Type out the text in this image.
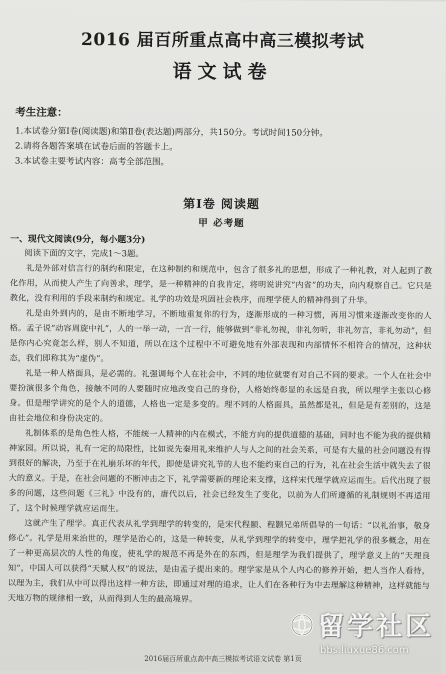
2016 届百所重点高中高三模拟考试
语文试卷
考生注意：
1.本试卷分第Ⅰ卷(阅读题)和第Ⅱ卷(表达题)两部分，共150分。考试时间150分钟。
2.请将各题答案填在试卷后面的答题卡上。
3.本试卷主要考试内容：高考全部范围。
第Ⅰ卷 阅读题
甲 必考题
一、现代文阅读(9分，每小题3分)
阅读下面的文字，完成1～3题。

礼是外部对信言行的制约和限定，在这种制约和规范中，包含了很多礼的思想，形成了一种礼教，对人起到了教化作用，从而使人产生了向善求，理学，是一种精神的自我肯定，将明说讲究“内省”的功夫，向内观察自己。它只是教化，没有利用的手段来制约和规定。礼学的功效是巩固社会秩序，而理学使人的精神得到了升华。

礼是由外到内的，是由不断地学习，不断地重复你的行为，逐渐形成的一种习惯，再用习惯来逐渐改变你的人格。孟子说“动容周旋中礼”，人的一举一动，一言一行，能够做到“非礼勿视，非礼勿听，非礼勿言，非礼勿动”，但是你内心究竟怎么样，别人不知道，所以在这个过程中不可避免地有外部表现和内部情怀不相符合的情况，这种状态，我们即称其为“虚伪”。

礼是一种人格面具，是必需的。礼强调每个人在社会中，不同的地位就要有对自己不同的要求。一个人在社会中要扮演很多个角色，接触不同的人要随时应地改变自己的身份，人格始终彰显的永远是自我，所以理学主张以心修身。但是理学讲究的是个人的道德，人格也一定是多变的。理不同的人格面具，虽然都是礼，但是是有差别的，这是由社会地位和身份决定的。

礼制体系的是角色性人格，不能统一人精神的内在模式，不能方向的提供道德的基础，同时也不能为我的提供精神家园。所以说，礼有一定的局限性，比如说先秦用礼来维护人与人之间的社会关系，可是有大量的社会问题没有得到很好的解决，乃至于在礼崩乐坏的年代，即使是讲究礼节的人也不能约束自己的行为，礼在社会生活中就失去了很大的意义。于是，在社会问题的不断冲击之下，礼学需要新的理论来支撑，这样宋代理学就应运而生。后代出现了很多的问题，这些问题《三礼》中没有的，唐代以后，社会已经发生了变化，以前为人们所遵循的礼制规则不再适用了，这个时候理学就应运而生。

这就产生了理学。真正代表从礼学到理学的转变的，是宋代程颐、程颢兄弟所倡导的一句话：“以礼治事，敬身修心”。礼学是用来治世的，理学是治心的，这是一种转变，从礼学到理学的转变中，理学把礼学的很多概念，用在了一种更高层次的人性的角度，使礼学的规范不再是外在的东西，但是理学为我们提供了，理学意义上的“天理良知”，中国人可以获得“天赋人权”的说法，是由孟子提出来的。理学家是从个人内心的修养开始，把人当作人看待，以理为主，我们从中可以得出这样一种方法，即通过对理的追求，让人们在各种行为中去理解这种精神，这样就能与天地万物的规律相一致，从而得到人生的最高境界。

2016届百所重点高中高三模拟考试语文试卷 第1页
留学社区
bbs.liuxue86.com
